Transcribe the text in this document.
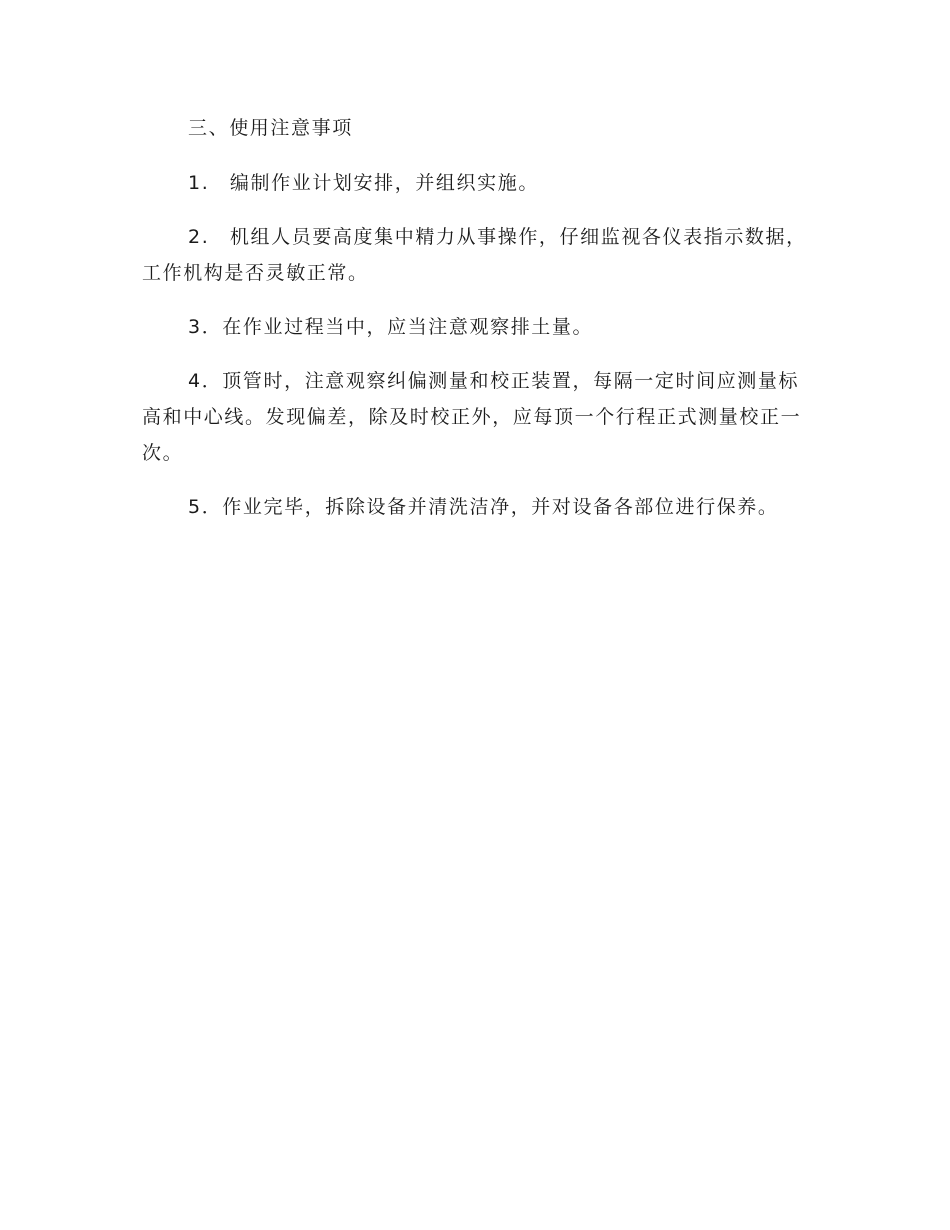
三、使用注意事项

1.　编制作业计划安排，并组织实施。

2.　机组人员要高度集中精力从事操作，仔细监视各仪表指示数据，工作机构是否灵敏正常。

3．在作业过程当中，应当注意观察排土量。

4．顶管时，注意观察纠偏测量和校正装置，每隔一定时间应测量标高和中心线。发现偏差，除及时校正外，应每顶一个行程正式测量校正一次。

5．作业完毕，拆除设备并清洗洁净，并对设备各部位进行保养。
